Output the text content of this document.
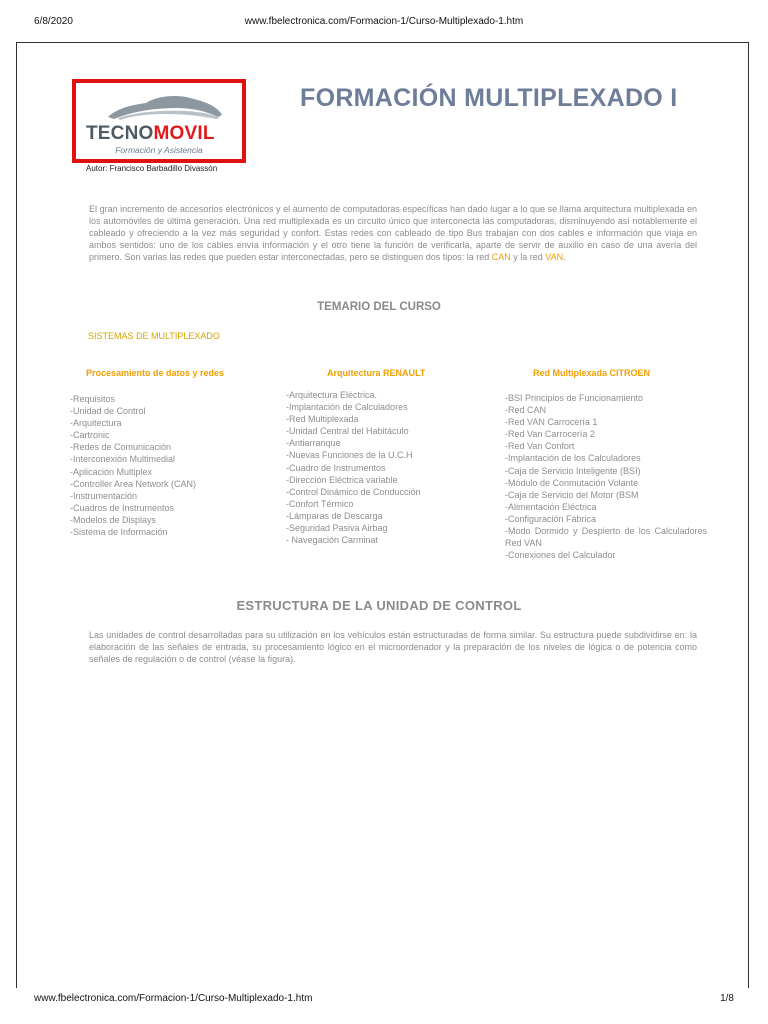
6/8/2020	www.fbelectronica.com/Formacion-1/Curso-Multiplexado-1.htm
TECNOMOVIL
Formación y Asistencia
Autor: Francisco Barbadillo Divassón
FORMACIÓN MULTIPLEXADO I

El gran incremento de accesorios electrónicos y el aumento de computadoras específicas han dado lugar a lo que se llama arquitectura multiplexada en los automóviles de última generación. Una red multiplexada es un circuito único que interconecta las computadoras, disminuyendo así notablemente el cableado y ofreciendo a la vez más seguridad y confort. Estas redes con cableado de tipo Bus trabajan con dos cables e información que viaja en ambos sentidos: uno de los cables envía información y el otro tiene la función de verificarla, aparte de servir de auxilio en caso de una avería del primero. Son varias las redes que pueden estar interconectadas, pero se distinguen dos tipos: la red CAN y la red VAN.

TEMARIO DEL CURSO
SISTEMAS DE MULTIPLEXADO
Procesamiento de datos y redes	Arquitectura RENAULT	Red Multiplexada CITROEN
-Requisitos
-Unidad de Control
-Arquitectura
-Cartronic
-Redes de Comunicación
-Interconexión Multimedial
-Aplicación Multiplex
-Controller Area Network (CAN)
-Instrumentación
-Cuadros de Instrumentos
-Modelos de Displays
-Sistema de Información
-Arquitectura Eléctrica.
-Implantación de Calculadores
-Red Multiplexada
-Unidad Central del Habitáculo
-Antiarranque
-Nuevas Funciones de la U.C.H
-Cuadro de Instrumentos
-Dirección Eléctrica variable
-Control Dinámico de Conducción
-Confort Térmico
-Lámparas de Descarga
-Seguridad Pasiva Airbag
- Navegación Carminat
-BSI Principios de Funcionamiento
-Red CAN
-Red VAN Carrocería 1
-Red Van Carrocería 2
-Red Van Confort
-Implantación de los Calculadores
-Caja de Servicio Inteligente (BSI)
-Módulo de Conmutación Volante
-Caja de Servicio del Motor (BSM
-Alimentación Eléctrica
-Configuración Fábrica
-Modo Dormido y Despierto de los Calculadores Red VAN
-Conexiones del Calculador
ESTRUCTURA DE LA UNIDAD DE CONTROL

Las unidades de control desarrolladas para su utilización en los vehículos están estructuradas de forma similar. Su estructura puede subdividirse en: la elaboración de las señales de entrada, su procesamiento lógico en el microordenador y la preparación de los niveles de lógica o de potencia como señales de regulación o de control (véase la figura).

www.fbelectronica.com/Formacion-1/Curso-Multiplexado-1.htm	1/8
